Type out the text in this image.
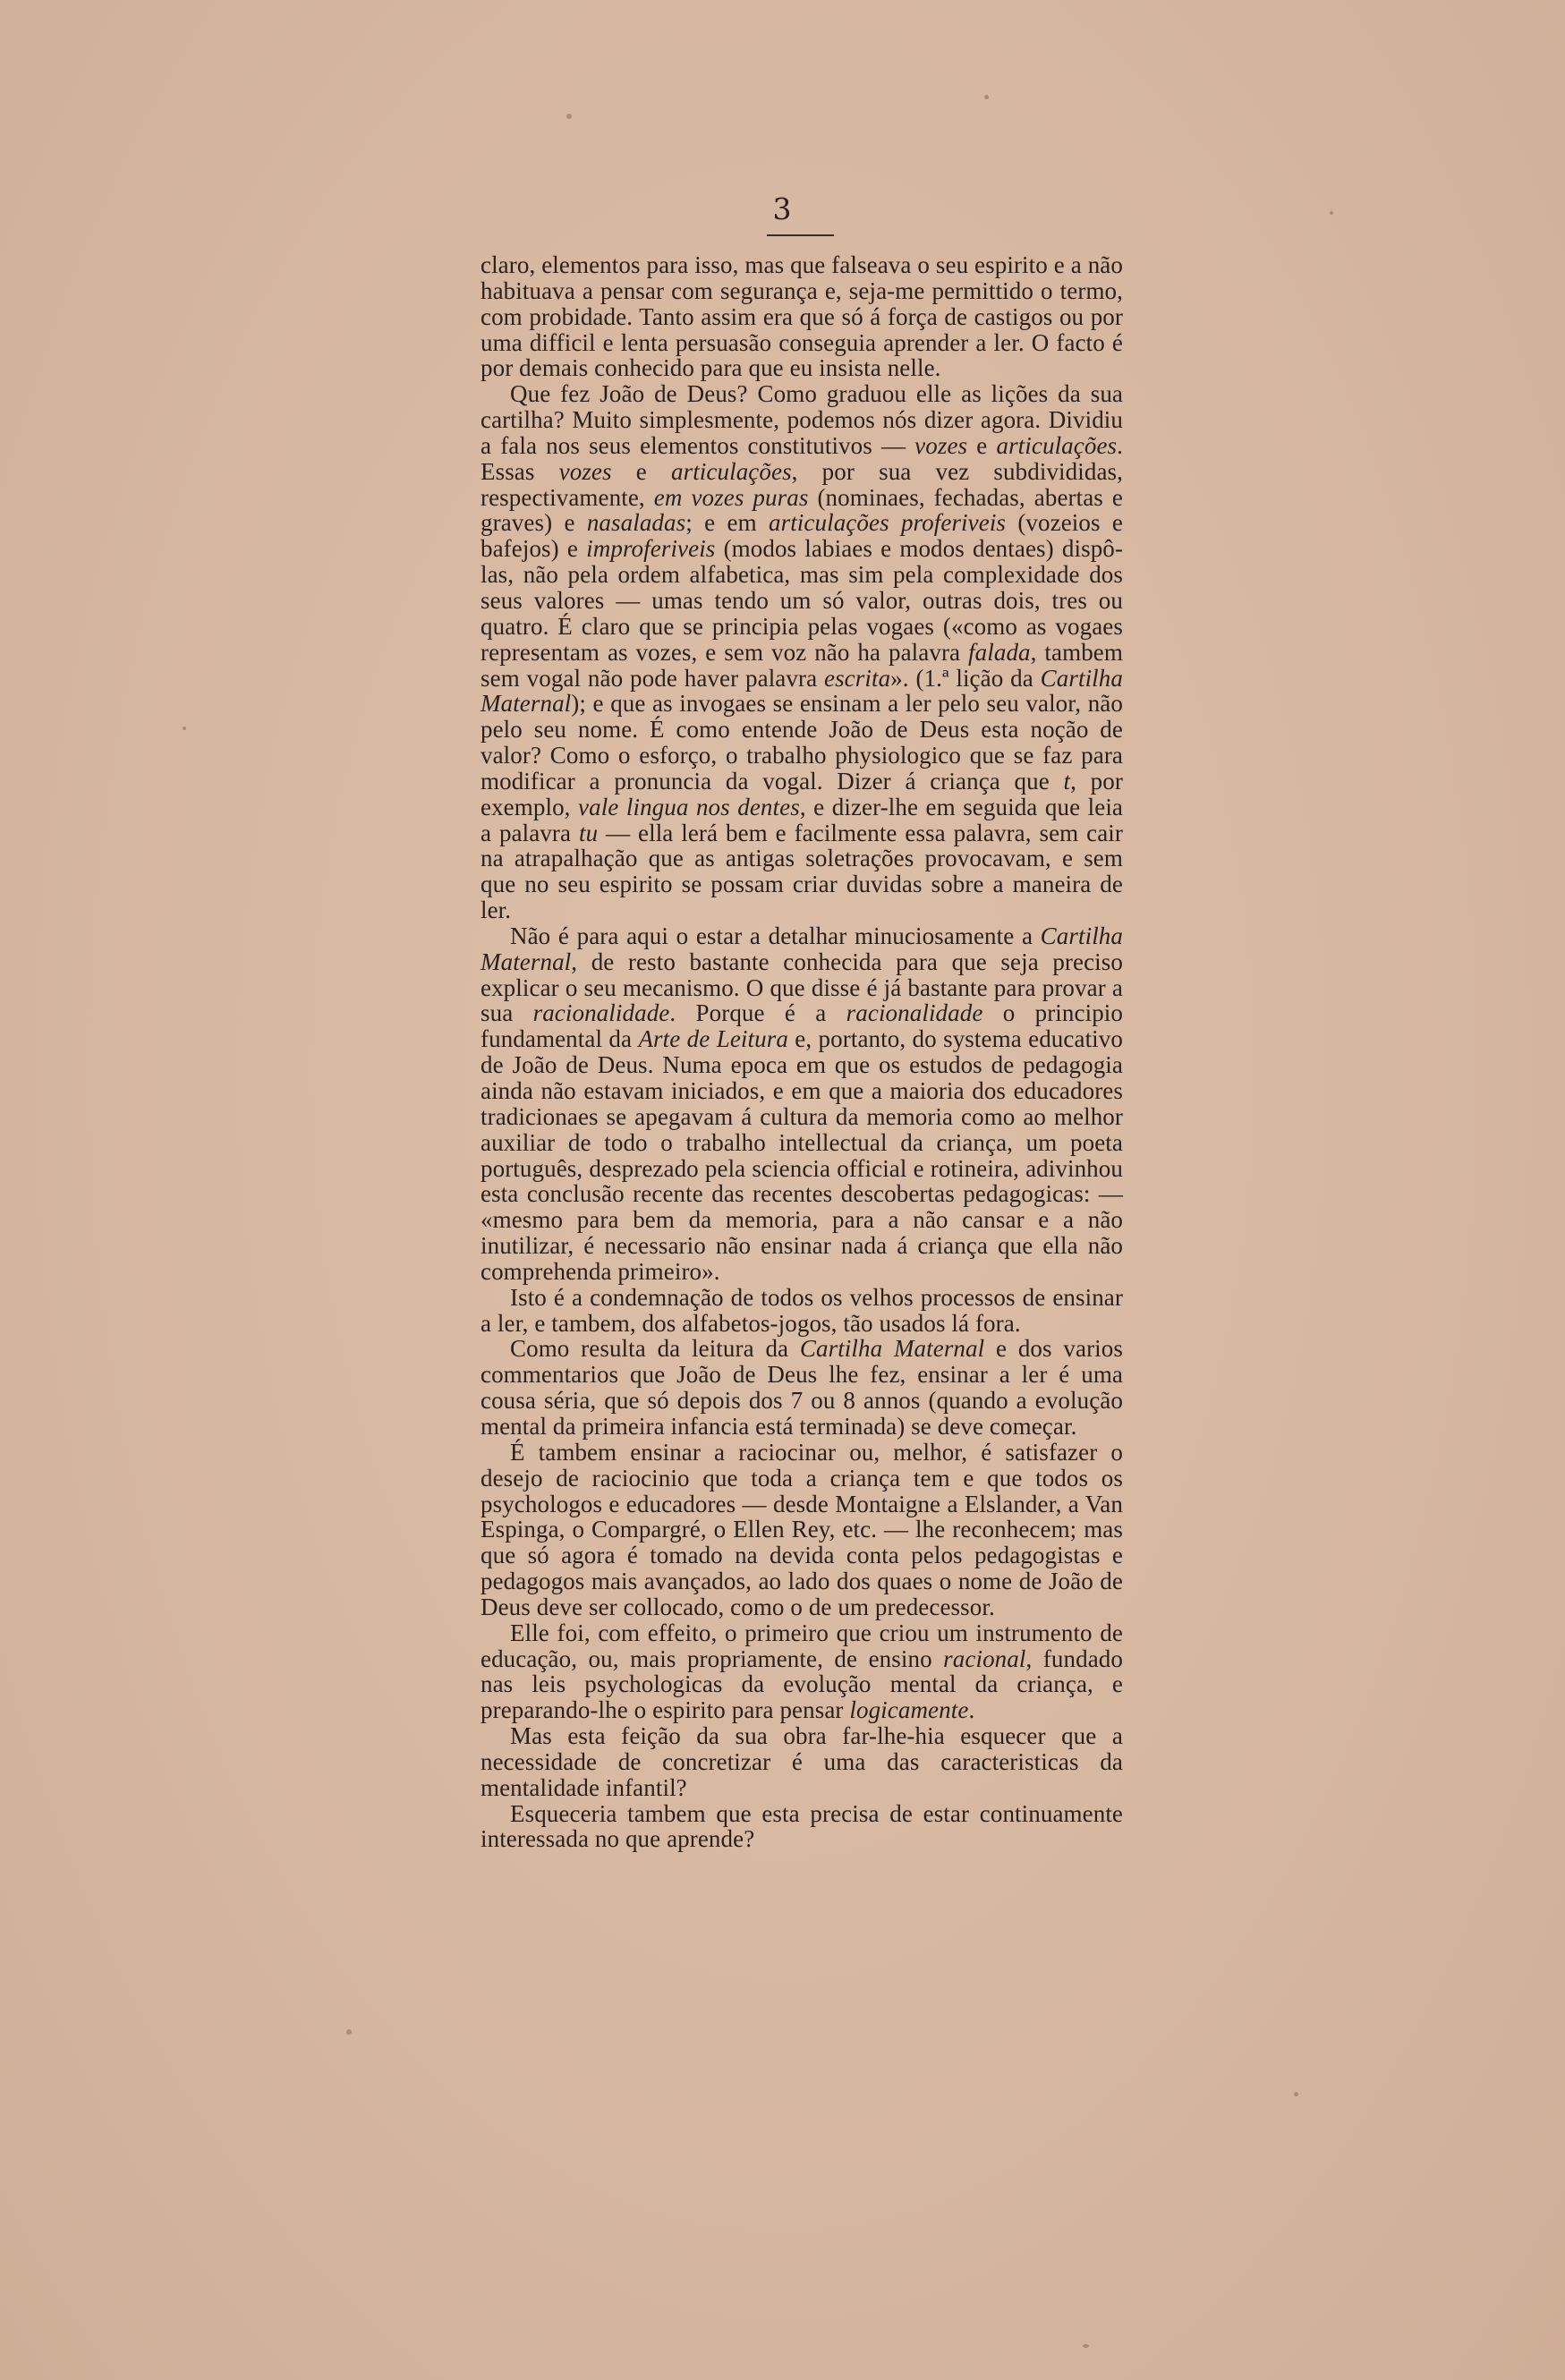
3

claro, elementos para isso, mas que falseava o seu espirito e a não habituava a pensar com segurança e, seja-me permittido o termo, com probidade. Tanto assim era que só á força de castigos ou por uma difficil e lenta persuasão conseguia aprender a ler. O facto é por demais conhecido para que eu insista nelle.

Que fez João de Deus? Como graduou elle as lições da sua cartilha? Muito simplesmente, podemos nós dizer agora. Dividiu a fala nos seus elementos constitutivos — vozes e articulações. Essas vozes e articulações, por sua vez subdivididas, respectivamente, em vozes puras (nominaes, fechadas, abertas e graves) e nasaladas; e em articulações proferiveis (vozeios e bafejos) e improferiveis (modos labiaes e modos dentaes) dispô-las, não pela ordem alfabetica, mas sim pela complexidade dos seus valores — umas tendo um só valor, outras dois, tres ou quatro. É claro que se principia pelas vogaes («como as vogaes representam as vozes, e sem voz não ha palavra falada, tambem sem vogal não pode haver palavra escrita». (1.ª lição da Cartilha Maternal); e que as invogaes se ensinam a ler pelo seu valor, não pelo seu nome. É como entende João de Deus esta noção de valor? Como o esforço, o trabalho physiologico que se faz para modificar a pronuncia da vogal. Dizer á criança que t, por exemplo, vale lingua nos dentes, e dizer-lhe em seguida que leia a palavra tu — ella lerá bem e facilmente essa palavra, sem cair na atrapalhação que as antigas soletrações provocavam, e sem que no seu espirito se possam criar duvidas sobre a maneira de ler.

Não é para aqui o estar a detalhar minuciosamente a Cartilha Maternal, de resto bastante conhecida para que seja preciso explicar o seu mecanismo. O que disse é já bastante para provar a sua racionalidade. Porque é a racionalidade o principio fundamental da Arte de Leitura e, portanto, do systema educativo de João de Deus. Numa epoca em que os estudos de pedagogia ainda não estavam iniciados, e em que a maioria dos educadores tradicionaes se apegavam á cultura da memoria como ao melhor auxiliar de todo o trabalho intellectual da criança, um poeta português, desprezado pela sciencia official e rotineira, adivinhou esta conclusão recente das recentes descobertas pedagogicas: — «mesmo para bem da memoria, para a não cansar e a não inutilizar, é necessario não ensinar nada á criança que ella não comprehenda primeiro».

Isto é a condemnação de todos os velhos processos de ensinar a ler, e tambem, dos alfabetos-jogos, tão usados lá fora.

Como resulta da leitura da Cartilha Maternal e dos varios commentarios que João de Deus lhe fez, ensinar a ler é uma cousa séria, que só depois dos 7 ou 8 annos (quando a evolução mental da primeira infancia está terminada) se deve começar.

É tambem ensinar a raciocinar ou, melhor, é satisfazer o desejo de raciocinio que toda a criança tem e que todos os psychologos e educadores — desde Montaigne a Elslander, a Van Espinga, o Compargré, o Ellen Rey, etc. — lhe reconhecem; mas que só agora é tomado na devida conta pelos pedagogistas e pedagogos mais avançados, ao lado dos quaes o nome de João de Deus deve ser collocado, como o de um predecessor.

Elle foi, com effeito, o primeiro que criou um instrumento de educação, ou, mais propriamente, de ensino racional, fundado nas leis psychologicas da evolução mental da criança, e preparando-lhe o espirito para pensar logicamente.

Mas esta feição da sua obra far-lhe-hia esquecer que a necessidade de concretizar é uma das caracteristicas da mentalidade infantil?

Esqueceria tambem que esta precisa de estar continuamente interessada no que aprende?
